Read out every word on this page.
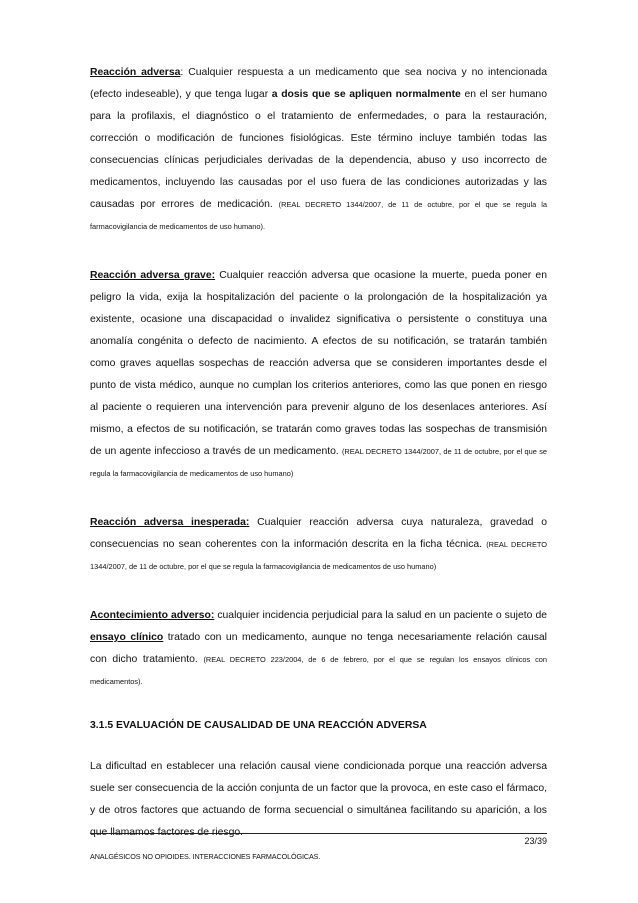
Reacción adversa: Cualquier respuesta a un medicamento que sea nociva y no intencionada (efecto indeseable), y que tenga lugar a dosis que se apliquen normalmente en el ser humano para la profilaxis, el diagnóstico o el tratamiento de enfermedades, o para la restauración, corrección o modificación de funciones fisiológicas. Este término incluye también todas las consecuencias clínicas perjudiciales derivadas de la dependencia, abuso y uso incorrecto de medicamentos, incluyendo las causadas por el uso fuera de las condiciones autorizadas y las causadas por errores de medicación. (REAL DECRETO 1344/2007, de 11 de octubre, por el que se regula la farmacovigilancia de medicamentos de uso humano).

Reacción adversa grave: Cualquier reacción adversa que ocasione la muerte, pueda poner en peligro la vida, exija la hospitalización del paciente o la prolongación de la hospitalización ya existente, ocasione una discapacidad o invalidez significativa o persistente o constituya una anomalía congénita o defecto de nacimiento. A efectos de su notificación, se tratarán también como graves aquellas sospechas de reacción adversa que se consideren importantes desde el punto de vista médico, aunque no cumplan los criterios anteriores, como las que ponen en riesgo al paciente o requieren una intervención para prevenir alguno de los desenlaces anteriores. Así mismo, a efectos de su notificación, se tratarán como graves todas las sospechas de transmisión de un agente infeccioso a través de un medicamento. (REAL DECRETO 1344/2007, de 11 de octubre, por el que se regula la farmacovigilancia de medicamentos de uso humano)

Reacción adversa inesperada: Cualquier reacción adversa cuya naturaleza, gravedad o consecuencias no sean coherentes con la información descrita en la ficha técnica. (REAL DECRETO 1344/2007, de 11 de octubre, por el que se regula la farmacovigilancia de medicamentos de uso humano)

Acontecimiento adverso: cualquier incidencia perjudicial para la salud en un paciente o sujeto de ensayo clínico tratado con un medicamento, aunque no tenga necesariamente relación causal con dicho tratamiento. (REAL DECRETO 223/2004, de 6 de febrero, por el que se regulan los ensayos clínicos con medicamentos).

3.1.5 EVALUACIÓN DE CAUSALIDAD DE UNA REACCIÓN ADVERSA

La dificultad en establecer una relación causal viene condicionada porque una reacción adversa suele ser consecuencia de la acción conjunta de un factor que la provoca, en este caso el fármaco, y de otros factores que actuando de forma secuencial o simultánea facilitando su aparición, a los que llamamos factores de riesgo.

23/39
ANALGÉSICOS NO OPIOIDES. INTERACCIONES FARMACOLÓGICAS.
